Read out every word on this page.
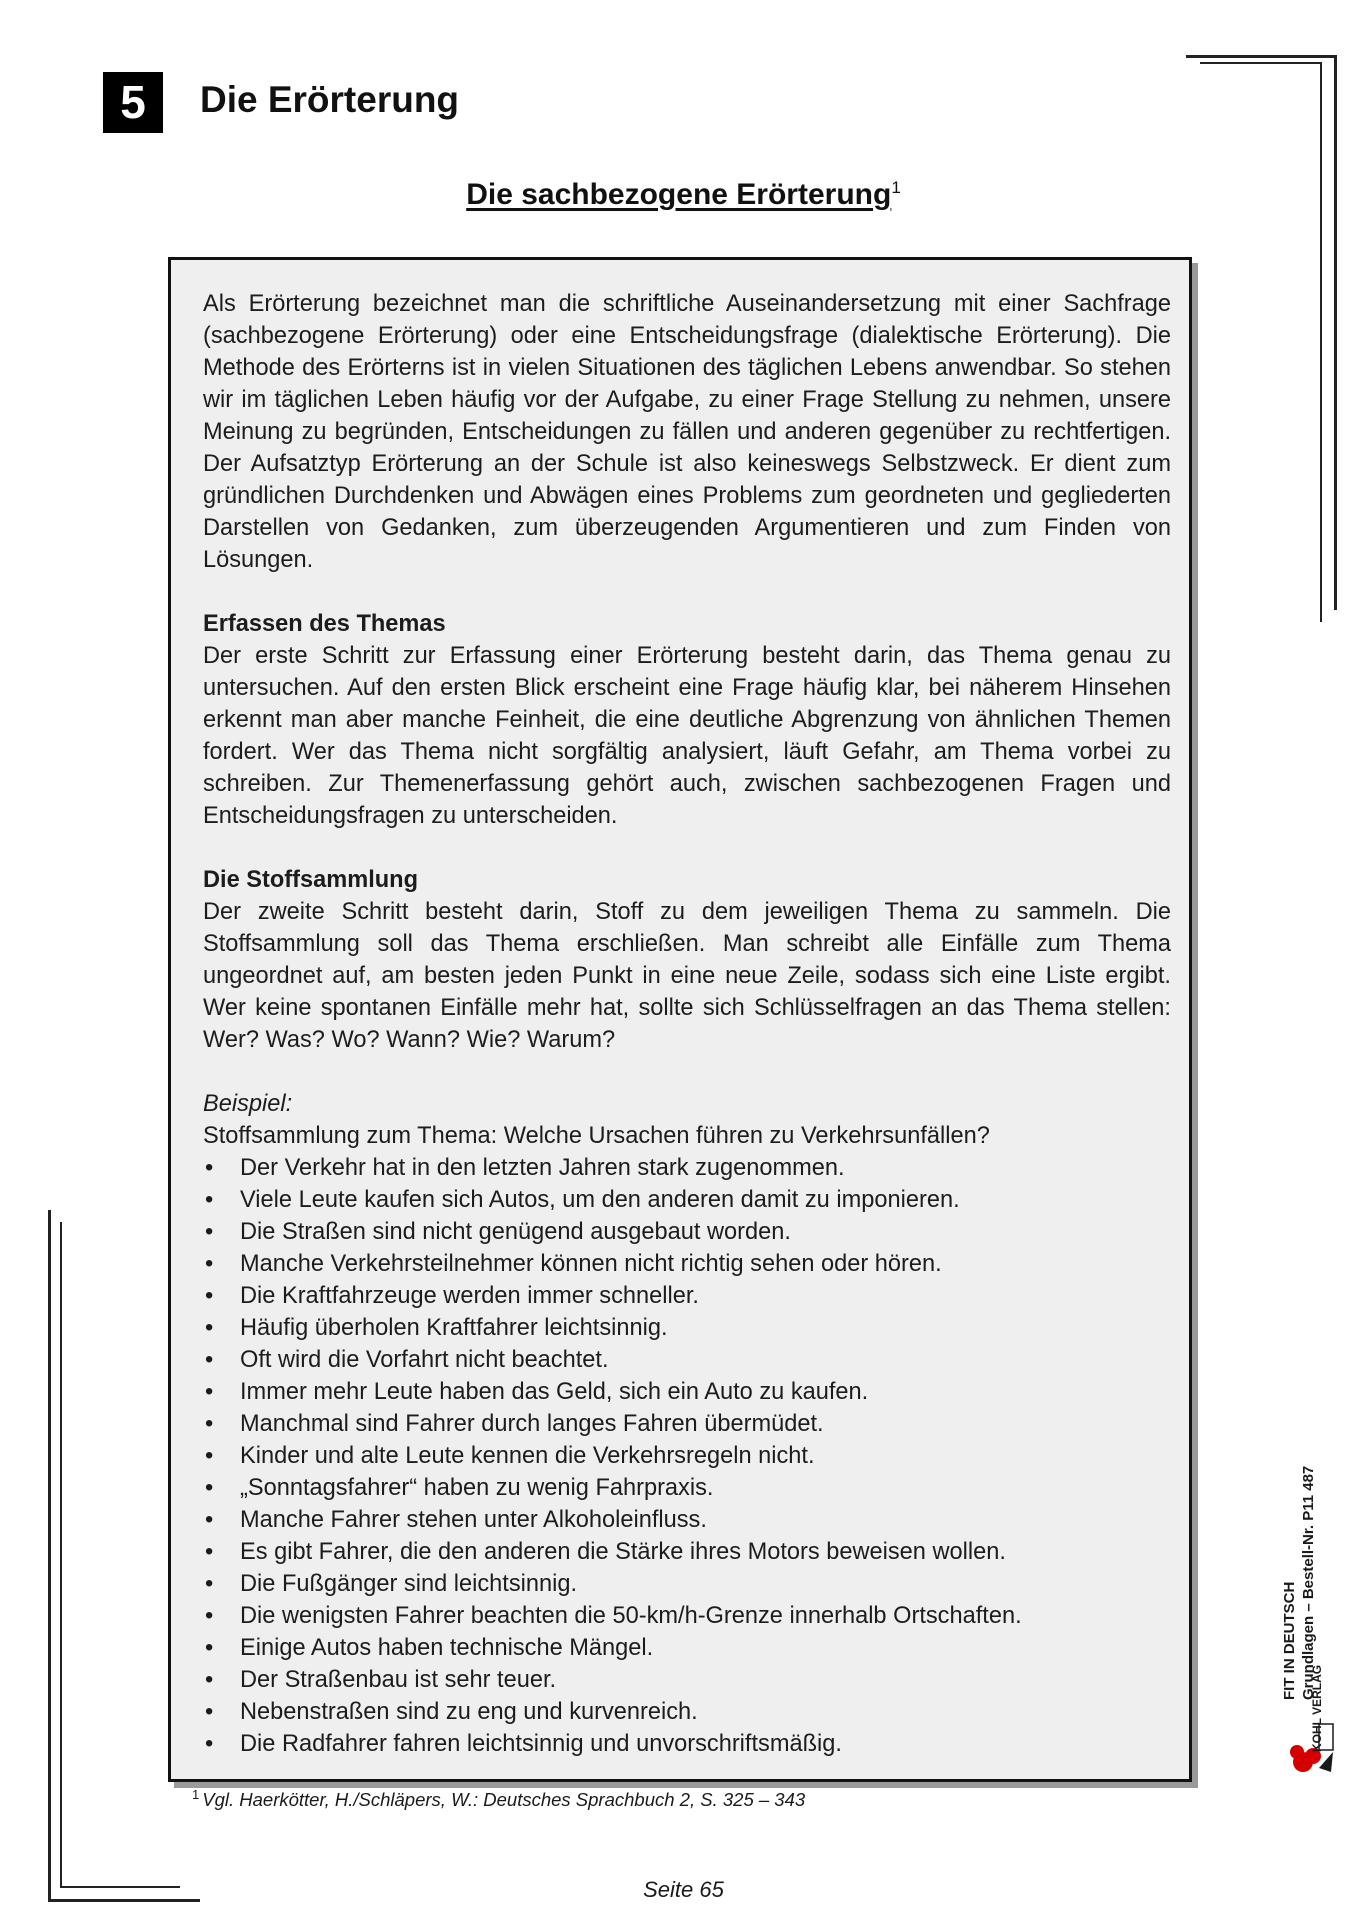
5	Die Erörterung
Die sachbezogene Erörterung$^1$

Als Erörterung bezeichnet man die schriftliche Auseinandersetzung mit einer Sachfrage (sachbezogene Erörterung) oder eine Entscheidungsfrage (dialektische Erörterung). Die Methode des Erörterns ist in vielen Situationen des täglichen Lebens anwendbar. So stehen wir im täglichen Leben häufig vor der Aufgabe, zu einer Frage Stellung zu nehmen, unsere Meinung zu begründen, Entscheidungen zu fällen und anderen gegenüber zu rechtfertigen. Der Aufsatztyp Erörterung an der Schule ist also keineswegs Selbstzweck. Er dient zum gründlichen Durchdenken und Abwägen eines Problems zum geordneten und gegliederten Darstellen von Gedanken, zum überzeugenden Argumentieren und zum Finden von Lösungen.

Erfassen des Themas

Der erste Schritt zur Erfassung einer Erörterung besteht darin, das Thema genau zu untersuchen. Auf den ersten Blick erscheint eine Frage häufig klar, bei näherem Hinsehen erkennt man aber manche Feinheit, die eine deutliche Abgrenzung von ähnlichen Themen fordert. Wer das Thema nicht sorgfältig analysiert, läuft Gefahr, am Thema vorbei zu schreiben. Zur Themenerfassung gehört auch, zwischen sachbezogenen Fragen und Entscheidungsfragen zu unterscheiden.

Die Stoffsammlung

Der zweite Schritt besteht darin, Stoff zu dem jeweiligen Thema zu sammeln. Die Stoffsammlung soll das Thema erschließen. Man schreibt alle Einfälle zum Thema ungeordnet auf, am besten jeden Punkt in eine neue Zeile, sodass sich eine Liste ergibt. Wer keine spontanen Einfälle mehr hat, sollte sich Schlüsselfragen an das Thema stellen: Wer? Was? Wo? Wann? Wie? Warum?

Beispiel:

Stoffsammlung zum Thema: Welche Ursachen führen zu Verkehrsunfällen?

• Der Verkehr hat in den letzten Jahren stark zugenommen.
• Viele Leute kaufen sich Autos, um den anderen damit zu imponieren.
• Die Straßen sind nicht genügend ausgebaut worden.
• Manche Verkehrsteilnehmer können nicht richtig sehen oder hören.
• Die Kraftfahrzeuge werden immer schneller.
• Häufig überholen Kraftfahrer leichtsinnig.
• Oft wird die Vorfahrt nicht beachtet.
• Immer mehr Leute haben das Geld, sich ein Auto zu kaufen.
• Manchmal sind Fahrer durch langes Fahren übermüdet.
• Kinder und alte Leute kennen die Verkehrsregeln nicht.
• „Sonntagsfahrer“ haben zu wenig Fahrpraxis.
• Manche Fahrer stehen unter Alkoholeinfluss.
• Es gibt Fahrer, die den anderen die Stärke ihres Motors beweisen wollen.
• Die Fußgänger sind leichtsinnig.
• Die wenigsten Fahrer beachten die 50-km/h-Grenze innerhalb Ortschaften.
• Einige Autos haben technische Mängel.
• Der Straßenbau ist sehr teuer.
• Nebenstraßen sind zu eng und kurvenreich.
• Die Radfahrer fahren leichtsinnig und unvorschriftsmäßig.
$^1$ Vgl. Haerkötter, H./Schläpers, W.: Deutsches Sprachbuch 2, S. 325 – 343
Seite 65
FIT IN DEUTSCH Grundlagen – Bestell-Nr. P11 487
KOHL VERLAG
